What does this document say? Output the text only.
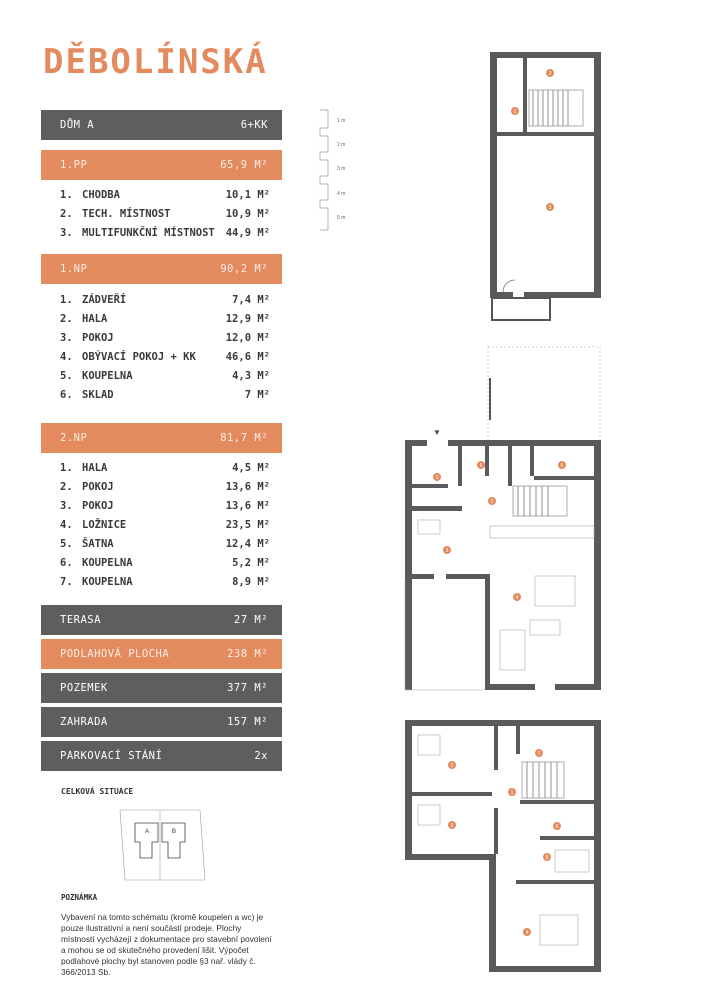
DĚBOLÍNSKÁ
DŮM A	6+KK
1.PP	65,9 M²
1. CHODBA	10,1 M²
2. TECH. MÍSTNOST	10,9 M²
3. MULTIFUNKČNÍ MÍSTNOST	44,9 M²
1.NP	90,2 M²
1. ZÁDVEŘÍ	7,4 M²
2. HALA	12,9 M²
3. POKOJ	12,0 M²
4. OBÝVACÍ POKOJ + KK	46,6 M²
5. KOUPELNA	4,3 M²
6. SKLAD	7 M²
2.NP	81,7 M²
1. HALA	4,5 M²
2. POKOJ	13,6 M²
3. POKOJ	13,6 M²
4. LOŽNICE	23,5 M²
5. ŠATNA	12,4 M²
6. KOUPELNA	5,2 M²
7. KOUPELNA	8,9 M²
TERASA	27 M²
PODLAHOVÁ PLOCHA	238 M²
POZEMEK	377 M²
ZAHRADA	157 M²
PARKOVACÍ STÁNÍ	2x
CELKOVÁ SITUACE
POZNÁMKA
Vybavení na tomto schématu (kromě koupelen a wc) je pouze ilustrativní a není součástí prodeje. Plochy místností vycházejí z dokumentace pro stavební povolení a mohou se od skutečného provedení lišit. Výpočet podlahové plochy byl stanoven podle §3 nař. vlády č. 366/2013 Sb.
A	B
1 m
2 m
3 m
4 m
5 m
1
2
3
▼
1
2
3
4
5	6
1
2
3
4
5
6
7
